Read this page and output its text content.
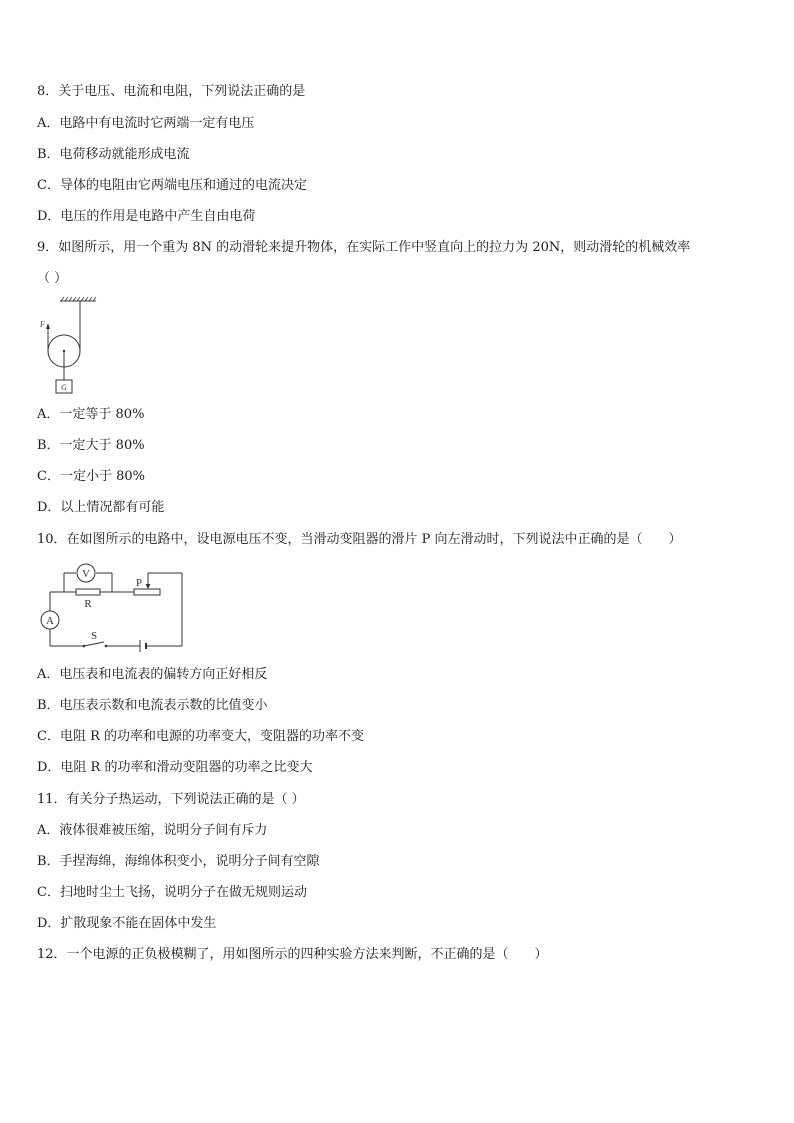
8．关于电压、电流和电阻，下列说法正确的是
A．电路中有电流时它两端一定有电压
B．电荷移动就能形成电流
C．导体的电阻由它两端电压和通过的电流决定
D．电压的作用是电路中产生自由电荷
9．如图所示，用一个重为 8N 的动滑轮来提升物体，在实际工作中竖直向上的拉力为 20N，则动滑轮的机械效率
（ ）
F
G
A．一定等于 80%
B．一定大于 80%
C．一定小于 80%
D．以上情况都有可能
10．在如图所示的电路中，设电源电压不变，当滑动变阻器的滑片 P 向左滑动时，下列说法中正确的是（　　）
V
R
P
A
S
A．电压表和电流表的偏转方向正好相反
B．电压表示数和电流表示数的比值变小
C．电阻 R 的功率和电源的功率变大，变阻器的功率不变
D．电阻 R 的功率和滑动变阻器的功率之比变大
11．有关分子热运动，下列说法正确的是（ ）
A．液体很难被压缩，说明分子间有斥力
B．手捏海绵，海绵体积变小，说明分子间有空隙
C．扫地时尘土飞扬，说明分子在做无规则运动
D．扩散现象不能在固体中发生
12．一个电源的正负极模糊了，用如图所示的四种实验方法来判断，不正确的是（　　）
